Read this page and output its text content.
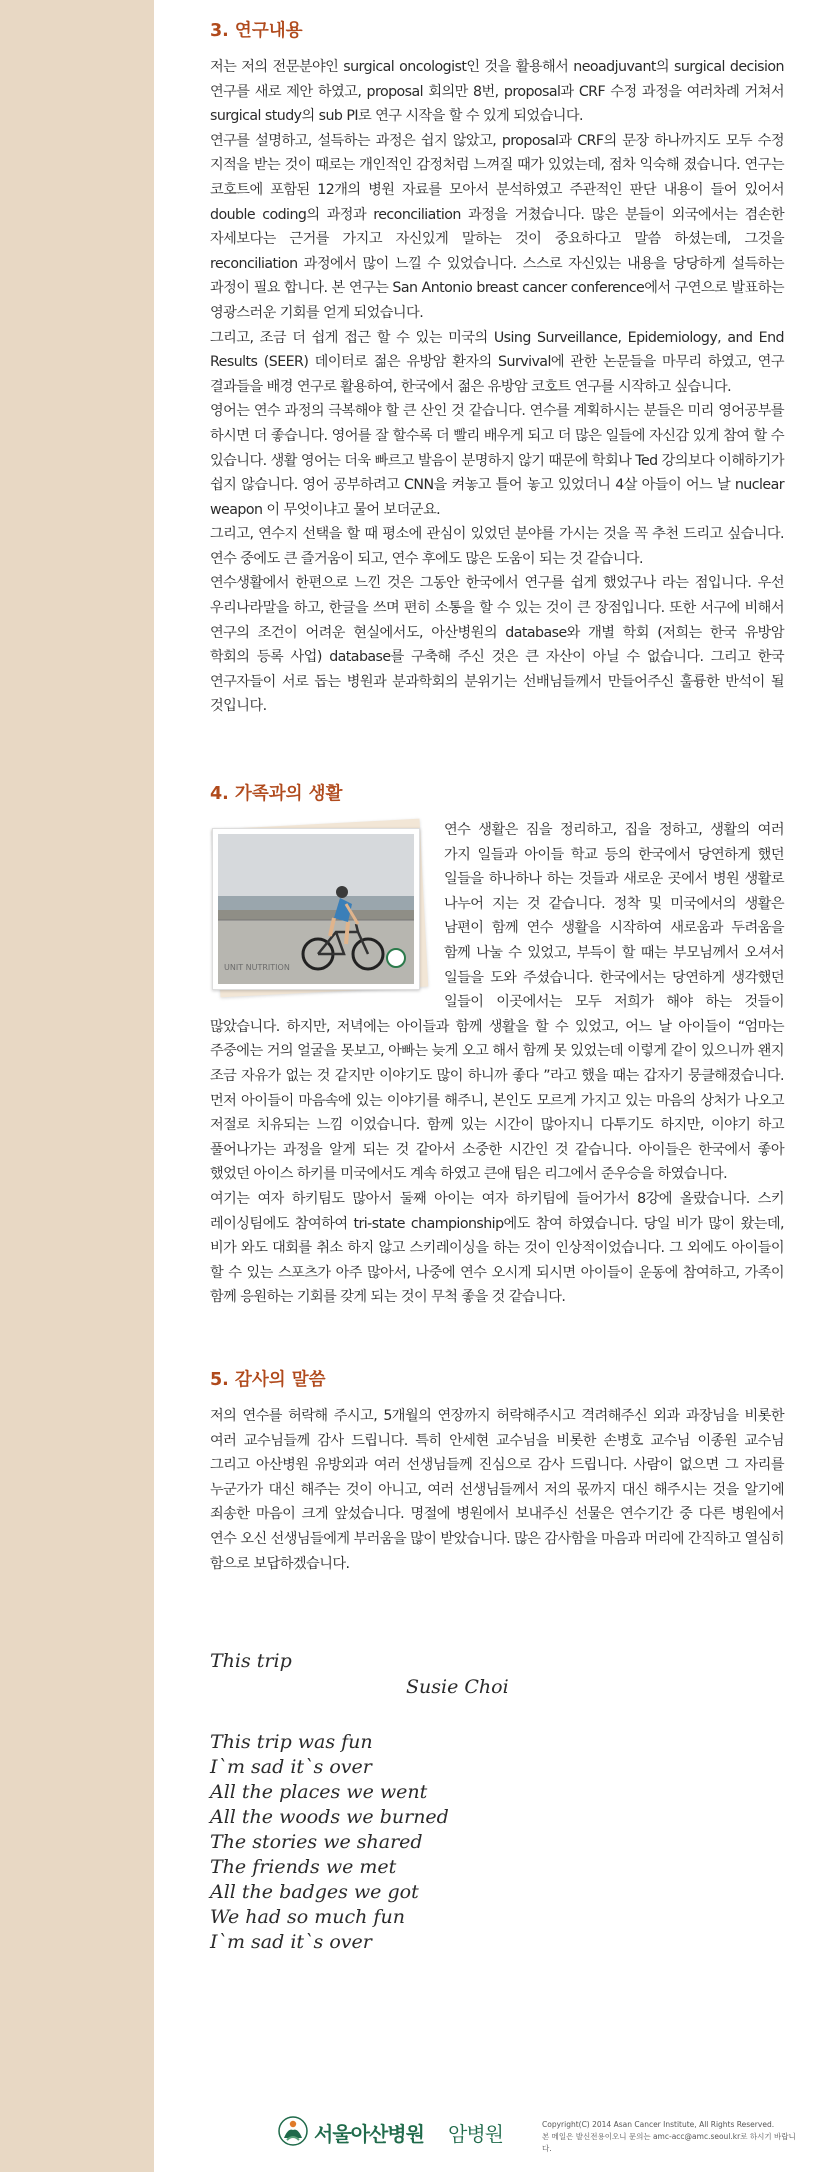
3. 연구내용

저는 저의 전문분야인 surgical oncologist인 것을 활용해서 neoadjuvant의 surgical decision 연구를 새로 제안 하였고, proposal 회의만 8번, proposal과 CRF 수정 과정을 여러차례 거쳐서 surgical study의 sub PI로 연구 시작을 할 수 있게 되었습니다.

연구를 설명하고, 설득하는 과정은 쉽지 않았고, proposal과 CRF의 문장 하나까지도 모두 수정 지적을 받는 것이 때로는 개인적인 감정처럼 느껴질 때가 있었는데, 점차 익숙해 졌습니다. 연구는 코호트에 포함된 12개의 병원 자료를 모아서 분석하였고 주관적인 판단 내용이 들어 있어서 double coding의 과정과 reconciliation 과정을 거쳤습니다. 많은 분들이 외국에서는 겸손한 자세보다는 근거를 가지고 자신있게 말하는 것이 중요하다고 말씀 하셨는데, 그것을 reconciliation 과정에서 많이 느낄 수 있었습니다. 스스로 자신있는 내용을 당당하게 설득하는 과정이 필요 합니다. 본 연구는 San Antonio breast cancer conference에서 구연으로 발표하는 영광스러운 기회를 얻게 되었습니다.

그리고, 조금 더 쉽게 접근 할 수 있는 미국의 Using Surveillance, Epidemiology, and End Results (SEER) 데이터로 젊은 유방암 환자의 Survival에 관한 논문들을 마무리 하였고, 연구 결과들을 배경 연구로 활용하여, 한국에서 젊은 유방암 코호트 연구를 시작하고 싶습니다.

영어는 연수 과정의 극복해야 할 큰 산인 것 같습니다. 연수를 계획하시는 분들은 미리 영어공부를 하시면 더 좋습니다. 영어를 잘 할수록 더 빨리 배우게 되고 더 많은 일들에 자신감 있게 참여 할 수 있습니다. 생활 영어는 더욱 빠르고 발음이 분명하지 않기 때문에 학회나 Ted 강의보다 이해하기가 쉽지 않습니다. 영어 공부하려고 CNN을 켜놓고 틀어 놓고 있었더니 4살 아들이 어느 날 nuclear weapon 이 무엇이냐고 물어 보더군요.

그리고, 연수지 선택을 할 때 평소에 관심이 있었던 분야를 가시는 것을 꼭 추천 드리고 싶습니다. 연수 중에도 큰 즐거움이 되고, 연수 후에도 많은 도움이 되는 것 같습니다.

연수생활에서 한편으로 느낀 것은 그동안 한국에서 연구를 쉽게 했었구나 라는 점입니다. 우선 우리나라말을 하고, 한글을 쓰며 편히 소통을 할 수 있는 것이 큰 장점입니다. 또한 서구에 비해서 연구의 조건이 어려운 현실에서도, 아산병원의 database와 개별 학회 (저희는 한국 유방암 학회의 등록 사업) database를 구축해 주신 것은 큰 자산이 아닐 수 없습니다. 그리고 한국 연구자들이 서로 돕는 병원과 분과학회의 분위기는 선배님들께서 만들어주신 훌륭한 반석이 될 것입니다.

4. 가족과의 생활
UNIT NUTRITION

연수 생활은 짐을 정리하고, 집을 정하고, 생활의 여러 가지 일들과 아이들 학교 등의 한국에서 당연하게 했던 일들을 하나하나 하는 것들과 새로운 곳에서 병원 생활로 나누어 지는 것 같습니다. 정착 및 미국에서의 생활은 남편이 함께 연수 생활을 시작하여 새로움과 두려움을 함께 나눌 수 있었고, 부득이 할 때는 부모님께서 오셔서 일들을 도와 주셨습니다. 한국에서는 당연하게 생각했던 일들이 이곳에서는 모두 저희가 해야 하는 것들이 많았습니다. 하지만, 저녁에는 아이들과 함께 생활을 할 수 있었고, 어느 날 아이들이 “엄마는 주중에는 거의 얼굴을 못보고, 아빠는 늦게 오고 해서 함께 못 있었는데 이렇게 같이 있으니까 왠지 조금 자유가 없는 것 같지만 이야기도 많이 하니까 좋다 ”라고 했을 때는 갑자기 뭉클해졌습니다. 먼저 아이들이 마음속에 있는 이야기를 해주니, 본인도 모르게 가지고 있는 마음의 상처가 나오고 저절로 치유되는 느낌 이었습니다. 함께 있는 시간이 많아지니 다투기도 하지만, 이야기 하고 풀어나가는 과정을 알게 되는 것 같아서 소중한 시간인 것 같습니다. 아이들은 한국에서 좋아 했었던 아이스 하키를 미국에서도 계속 하였고 큰애 팀은 리그에서 준우승을 하였습니다.

여기는 여자 하키팀도 많아서 둘째 아이는 여자 하키팀에 들어가서 8강에 올랐습니다. 스키 레이싱팀에도 참여하여 tri-state championship에도 참여 하였습니다. 당일 비가 많이 왔는데, 비가 와도 대회를 취소 하지 않고 스키레이싱을 하는 것이 인상적이었습니다. 그 외에도 아이들이 할 수 있는 스포츠가 아주 많아서, 나중에 연수 오시게 되시면 아이들이 운동에 참여하고, 가족이 함께 응원하는 기회를 갖게 되는 것이 무척 좋을 것 같습니다.

5. 감사의 말씀

저의 연수를 허락해 주시고, 5개월의 연장까지 허락해주시고 격려해주신 외과 과장님을 비롯한 여러 교수님들께 감사 드립니다. 특히 안세현 교수님을 비롯한 손병호 교수님 이종원 교수님 그리고 아산병원 유방외과 여러 선생님들께 진심으로 감사 드립니다. 사람이 없으면 그 자리를 누군가가 대신 해주는 것이 아니고, 여러 선생님들께서 저의 몫까지 대신 해주시는 것을 알기에 죄송한 마음이 크게 앞섰습니다. 명절에 병원에서 보내주신 선물은 연수기간 중 다른 병원에서 연수 오신 선생님들에게 부러움을 많이 받았습니다. 많은 감사함을 마음과 머리에 간직하고 열심히 함으로 보답하겠습니다.

This trip
Susie Choi
This trip was fun
I`m sad it`s over
All the places we went
All the woods we burned
The stories we shared
The friends we met
All the badges we got
We had so much fun
I`m sad it`s over
서울아산병원 암병원	Copyright(C) 2014 Asan Cancer Institute, All Rights Reserved.
본 메일은 발신전용이오니 문의는 amc-acc@amc.seoul.kr로 하시기 바랍니다.
